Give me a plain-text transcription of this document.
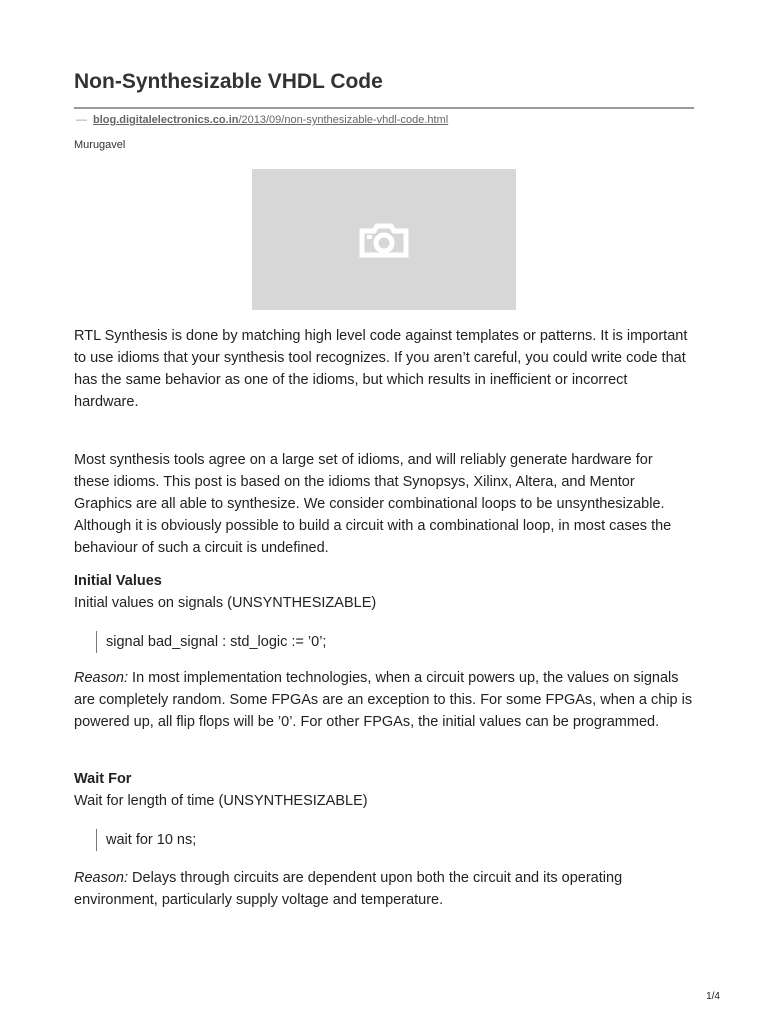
Non-Synthesizable VHDL Code
— blog.digitalelectronics.co.in/2013/09/non-synthesizable-vhdl-code.html
Murugavel

RTL Synthesis is done by matching high level code against templates or patterns. It is important to use idioms that your synthesis tool recognizes. If you aren’t careful, you could write code that has the same behavior as one of the idioms, but which results in inefficient or incorrect hardware.

Most synthesis tools agree on a large set of idioms, and will reliably generate hardware for these idioms. This post is based on the idioms that Synopsys, Xilinx, Altera, and Mentor Graphics are all able to synthesize. We consider combinational loops to be unsynthesizable. Although it is obviously possible to build a circuit with a combinational loop, in most cases the behaviour of such a circuit is undefined.

Initial Values

Initial values on signals (UNSYNTHESIZABLE)

signal bad_signal : std_logic := ’0’;

Reason: In most implementation technologies, when a circuit powers up, the values on signals are completely random. Some FPGAs are an exception to this. For some FPGAs, when a chip is powered up, all flip flops will be ’0’. For other FPGAs, the initial values can be programmed.

Wait For

Wait for length of time (UNSYNTHESIZABLE)

wait for 10 ns;

Reason: Delays through circuits are dependent upon both the circuit and its operating environment, particularly supply voltage and temperature.

1/4
